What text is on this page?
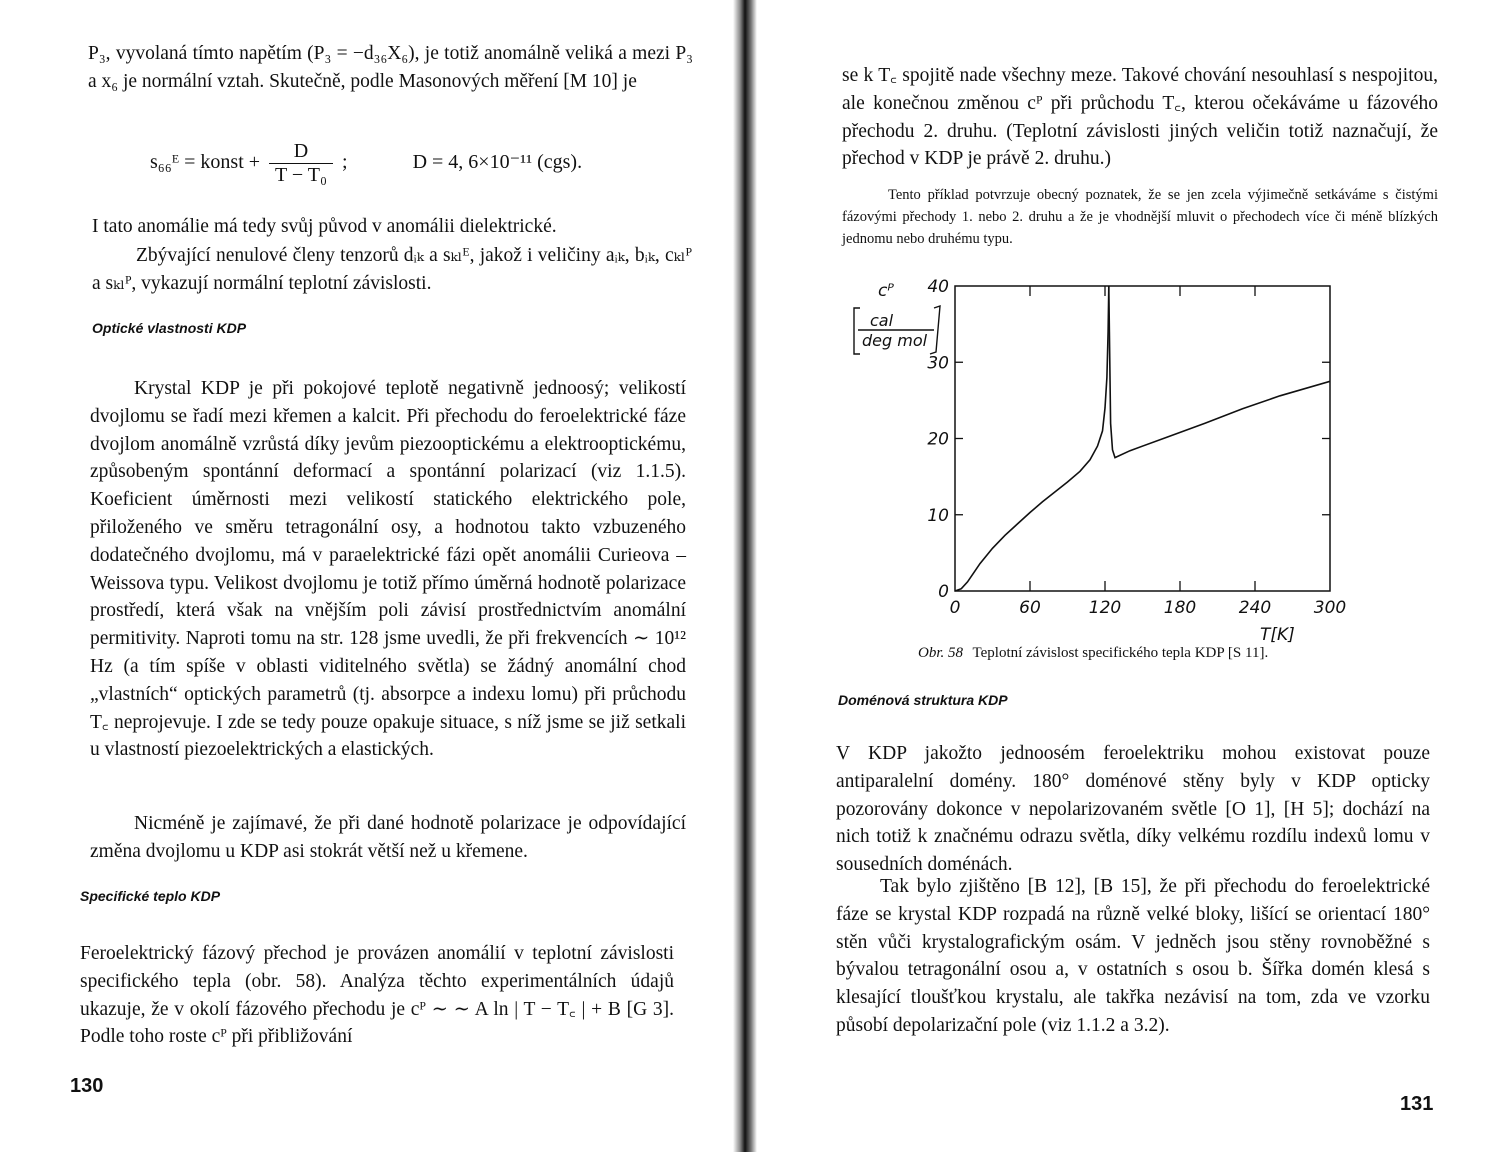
P₃, vyvolaná tímto napětím (P₃ = −d₃₆X₆), je totiž anomálně veliká a mezi P₃ a x₆ je normální vztah. Skutečně, podle Masonových měření [M 10] je

s₆₆ᴱ = konst + $\frac{D}{\text{T − T₀}}$ ;	D = 4, 6×10⁻¹¹ (cgs).

I tato anomálie má tedy svůj původ v anomálii dielektrické.

Zbývající nenulové členy tenzorů dᵢₖ a sₖₗᴱ, jakož i veličiny aᵢₖ, bᵢₖ, cₖₗᴾ a sₖₗᴾ, vykazují normální teplotní závislosti.

Optické vlastnosti KDP

Krystal KDP je při pokojové teplotě negativně jednoosý; velikostí dvojlomu se řadí mezi křemen a kalcit. Při přechodu do feroelektrické fáze dvojlom anomálně vzrůstá díky jevům piezooptickému a elektrooptickému, způsobeným spontánní deformací a spontánní polarizací (viz 1.1.5). Koeficient úměrnosti mezi velikostí statického elektrického pole, přiloženého ve směru tetragonální osy, a hodnotou takto vzbuzeného dodatečného dvojlomu, má v paraelektrické fázi opět anomálii Curieova – Weissova typu. Velikost dvojlomu je totiž přímo úměrná hodnotě polarizace prostředí, která však na vnějším poli závisí prostřednictvím anomální permitivity. Naproti tomu na str. 128 jsme uvedli, že při frekvencích ∼ 10¹² Hz (a tím spíše v oblasti viditelného světla) se žádný anomální chod „vlastních“ optických parametrů (tj. absorpce a indexu lomu) při průchodu T꜀ neprojevuje. I zde se tedy pouze opakuje situace, s níž jsme se již setkali u vlastností piezoelektrických a elastických.

Nicméně je zajímavé, že při dané hodnotě polarizace je odpovídající změna dvojlomu u KDP asi stokrát větší než u křemene.

Specifické teplo KDP

Feroelektrický fázový přechod je provázen anomálií v teplotní závislosti specifického tepla (obr. 58). Analýza těchto experimentálních údajů ukazuje, že v okolí fázového přechodu je cᴾ ∼ ∼ A ln | T − T꜀ | + B [G 3]. Podle toho roste cᴾ při přibližování

130

se k T꜀ spojitě nade všechny meze. Takové chování nesouhlasí s nespojitou, ale konečnou změnou cᴾ při průchodu T꜀, kterou očekáváme u fázového přechodu 2. druhu. (Teplotní závislosti jiných veličin totiž naznačují, že přechod v KDP je právě 2. druhu.)

Tento příklad potvrzuje obecný poznatek, že se jen zcela výjimečně setkáváme s čistými fázovými přechody 1. nebo 2. druhu a že je vhodnější mluvit o přechodech více či méně blízkých jednomu nebo druhému typu.

cᴾ
cal
deg mol
0	60	120	180	240	300
0
10
20
30
40
T[K]
Obr. 58 Teplotní závislost specifického tepla KDP [S 11].
Doménová struktura KDP

V KDP jakožto jednoosém feroelektriku mohou existovat pouze antiparalelní domény. 180° doménové stěny byly v KDP opticky pozorovány dokonce v nepolarizovaném světle [O 1], [H 5]; dochází na nich totiž k značnému odrazu světla, díky velkému rozdílu indexů lomu v sousedních doménách.

Tak bylo zjištěno [B 12], [B 15], že při přechodu do feroelektrické fáze se krystal KDP rozpadá na různě velké bloky, lišící se orientací 180° stěn vůči krystalografickým osám. V jedněch jsou stěny rovnoběžné s bývalou tetragonální osou a, v ostatních s osou b. Šířka domén klesá s klesající tloušťkou krystalu, ale takřka nezávisí na tom, zda ve vzorku působí depolarizační pole (viz 1.1.2 a 3.2).

131
